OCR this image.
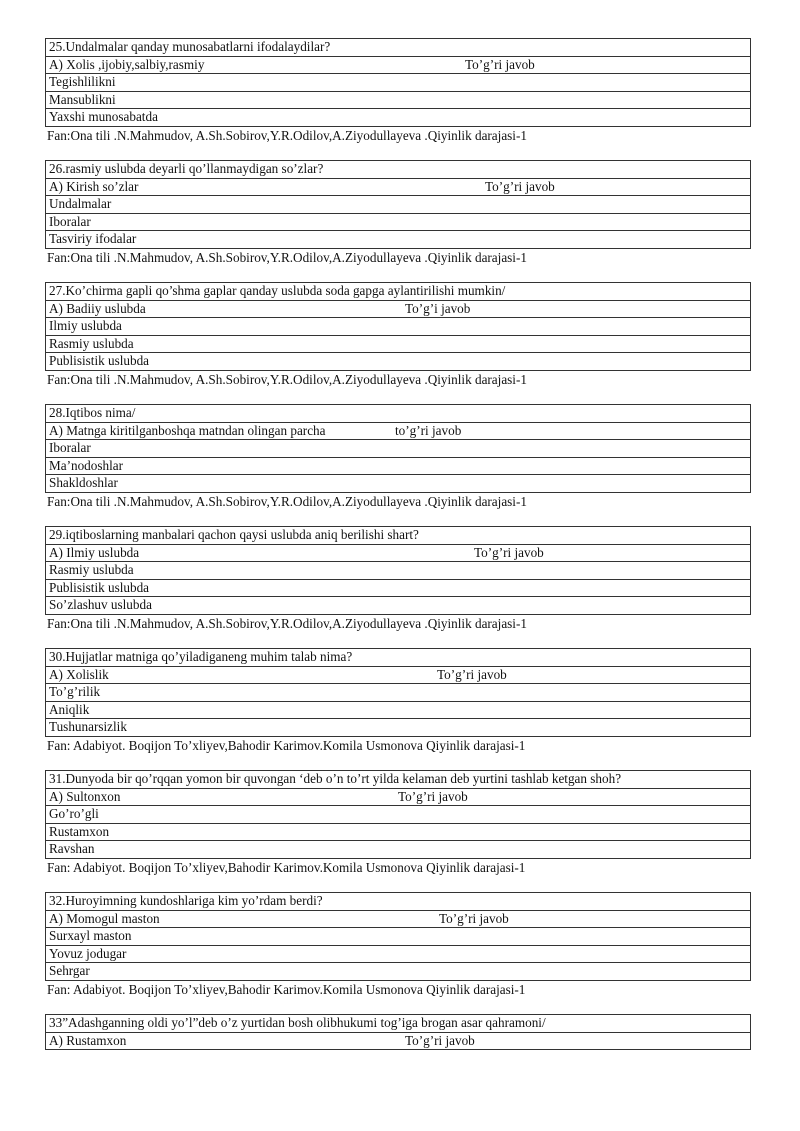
25.Undalmalar qanday munosabatlarni ifodalaydilar?
A) Xolis ,ijobiy,salbiy,rasmiy	To’g’ri javob

Tegishlilikni
Mansublikni
Yaxshi munosabatda
Fan:Ona tili .N.Mahmudov, A.Sh.Sobirov,Y.R.Odilov,A.Ziyodullayeva .Qiyinlik darajasi-1
26.rasmiy uslubda deyarli qo’llanmaydigan so’zlar?
A) Kirish so’zlar	To’g’ri javob

Undalmalar
Iboralar
Tasviriy ifodalar
Fan:Ona tili .N.Mahmudov, A.Sh.Sobirov,Y.R.Odilov,A.Ziyodullayeva .Qiyinlik darajasi-1
27.Ko’chirma gapli qo’shma gaplar qanday uslubda soda gapga aylantirilishi mumkin/
A) Badiiy uslubda	To’g’i javob

Ilmiy uslubda
Rasmiy uslubda
Publisistik uslubda
Fan:Ona tili .N.Mahmudov, A.Sh.Sobirov,Y.R.Odilov,A.Ziyodullayeva .Qiyinlik darajasi-1
28.Iqtibos nima/
A) Matnga kiritilganboshqa matndan olingan parcha	to’g’ri javob

Iboralar
Ma’nodoshlar
Shakldoshlar
Fan:Ona tili .N.Mahmudov, A.Sh.Sobirov,Y.R.Odilov,A.Ziyodullayeva .Qiyinlik darajasi-1
29.iqtiboslarning manbalari qachon qaysi uslubda aniq berilishi shart?
A) Ilmiy uslubda	To’g’ri javob

Rasmiy uslubda
Publisistik uslubda
So’zlashuv uslubda
Fan:Ona tili .N.Mahmudov, A.Sh.Sobirov,Y.R.Odilov,A.Ziyodullayeva .Qiyinlik darajasi-1
30.Hujjatlar matniga qo’yiladiganeng muhim talab nima?
A) Xolislik	To’g’ri javob

To’g’rilik
Aniqlik
Tushunarsizlik
Fan: Adabiyot. Boqijon To’xliyev,Bahodir Karimov.Komila Usmonova Qiyinlik darajasi-1
31.Dunyoda bir qo’rqqan yomon bir quvongan ‘deb o’n to’rt yilda kelaman deb yurtini tashlab ketgan shoh?
A) Sultonxon	To’g’ri javob

Go’ro’gli
Rustamxon
Ravshan
Fan: Adabiyot. Boqijon To’xliyev,Bahodir Karimov.Komila Usmonova Qiyinlik darajasi-1
32.Huroyimning kundoshlariga kim yo’rdam berdi?
A) Momogul maston	To’g’ri javob

Surxayl maston
Yovuz jodugar
Sehrgar
Fan: Adabiyot. Boqijon To’xliyev,Bahodir Karimov.Komila Usmonova Qiyinlik darajasi-1
33”Adashganning oldi yo’l”deb o’z yurtidan bosh olibhukumi tog’iga brogan asar qahramoni/
A) Rustamxon	To’g’ri javob
